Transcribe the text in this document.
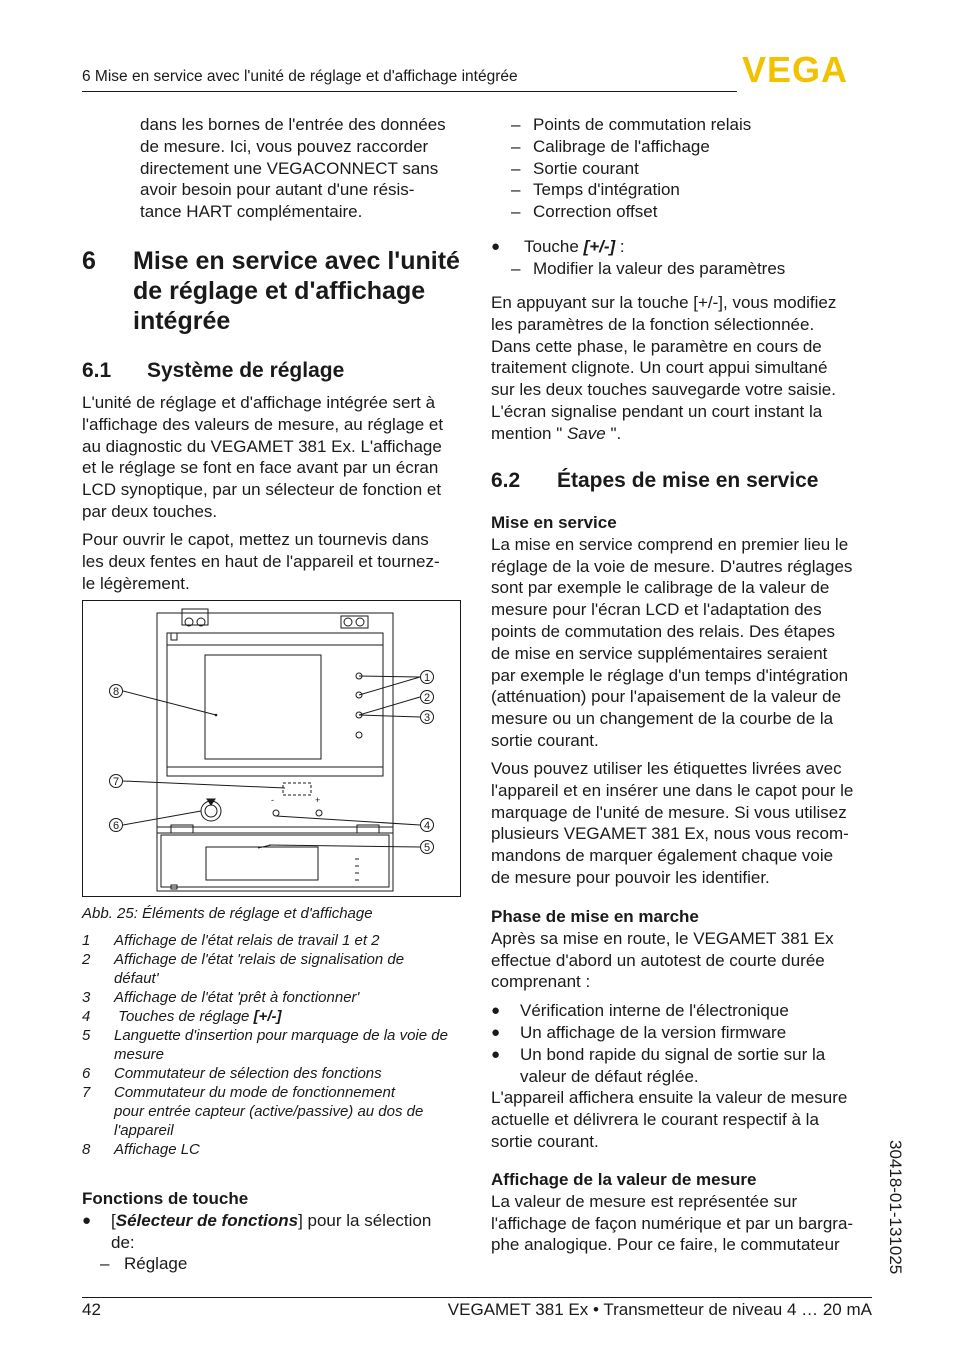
6 Mise en service avec l'unité de réglage et d'affichage intégrée	VEGA

dans les bornes de l'entrée des données

de mesure. Ici, vous pouvez raccorder

directement une VEGACONNECT sans

avoir besoin pour autant d'une résis-

tance HART complémentaire.

6 Mise en service avec l'unité
de réglage et d'affichage
intégrée
6.1 Système de réglage

L'unité de réglage et d'affichage intégrée sert à

l'affichage des valeurs de mesure, au réglage et

au diagnostic du VEGAMET 381 Ex. L'affichage

et le réglage se font en face avant par un écran

LCD synoptique, par un sélecteur de fonction et

par deux touches.

Pour ouvrir le capot, mettez un tournevis dans

les deux fentes en haut de l'appareil et tournez-

le légèrement.

-	+
1
2
3
4
5
6
7
8
Abb. 25: Éléments de réglage et d'affichage
1 Affichage de l'état relais de travail 1 et 2
2 Affichage de l'état 'relais de signalisation de
défaut'
3 Affichage de l'état 'prêt à fonctionner'
4 Touches de réglage [+/-]
5 Languette d'insertion pour marquage de la voie de
mesure
6 Commutateur de sélection des fonctions
7 Commutateur du mode de fonctionnement
pour entrée capteur (active/passive) au dos de
l'appareil
8 Affichage LC

Fonctions de touche

● [Sélecteur de fonctions] pour la sélection
de:
– Réglage
– Points de commutation relais
– Calibrage de l'affichage
– Sortie courant
– Temps d'intégration
– Correction offset
● Touche [+/-] :
– Modifier la valeur des paramètres

En appuyant sur la touche [+/-], vous modifiez

les paramètres de la fonction sélectionnée.

Dans cette phase, le paramètre en cours de

traitement clignote. Un court appui simultané

sur les deux touches sauvegarde votre saisie.

L'écran signalise pendant un court instant la

mention " Save ".

6.2 Étapes de mise en service

Mise en service

La mise en service comprend en premier lieu le

réglage de la voie de mesure. D'autres réglages

sont par exemple le calibrage de la valeur de

mesure pour l'écran LCD et l'adaptation des

points de commutation des relais. Des étapes

de mise en service supplémentaires seraient

par exemple le réglage d'un temps d'intégration

(atténuation) pour l'apaisement de la valeur de

mesure ou un changement de la courbe de la

sortie courant.

Vous pouvez utiliser les étiquettes livrées avec

l'appareil et en insérer une dans le capot pour le

marquage de l'unité de mesure. Si vous utilisez

plusieurs VEGAMET 381 Ex, nous vous recom-

mandons de marquer également chaque voie

de mesure pour pouvoir les identifier.

Phase de mise en marche

Après sa mise en route, le VEGAMET 381 Ex

effectue d'abord un autotest de courte durée

comprenant :

● Vérification interne de l'électronique
● Un affichage de la version firmware
● Un bond rapide du signal de sortie sur la
valeur de défaut réglée.

L'appareil affichera ensuite la valeur de mesure

actuelle et délivrera le courant respectif à la

sortie courant.

Affichage de la valeur de mesure

La valeur de mesure est représentée sur

l'affichage de façon numérique et par un bargra-

phe analogique. Pour ce faire, le commutateur	30418-01-131025
42	VEGAMET 381 Ex • Transmetteur de niveau 4 … 20 mA
